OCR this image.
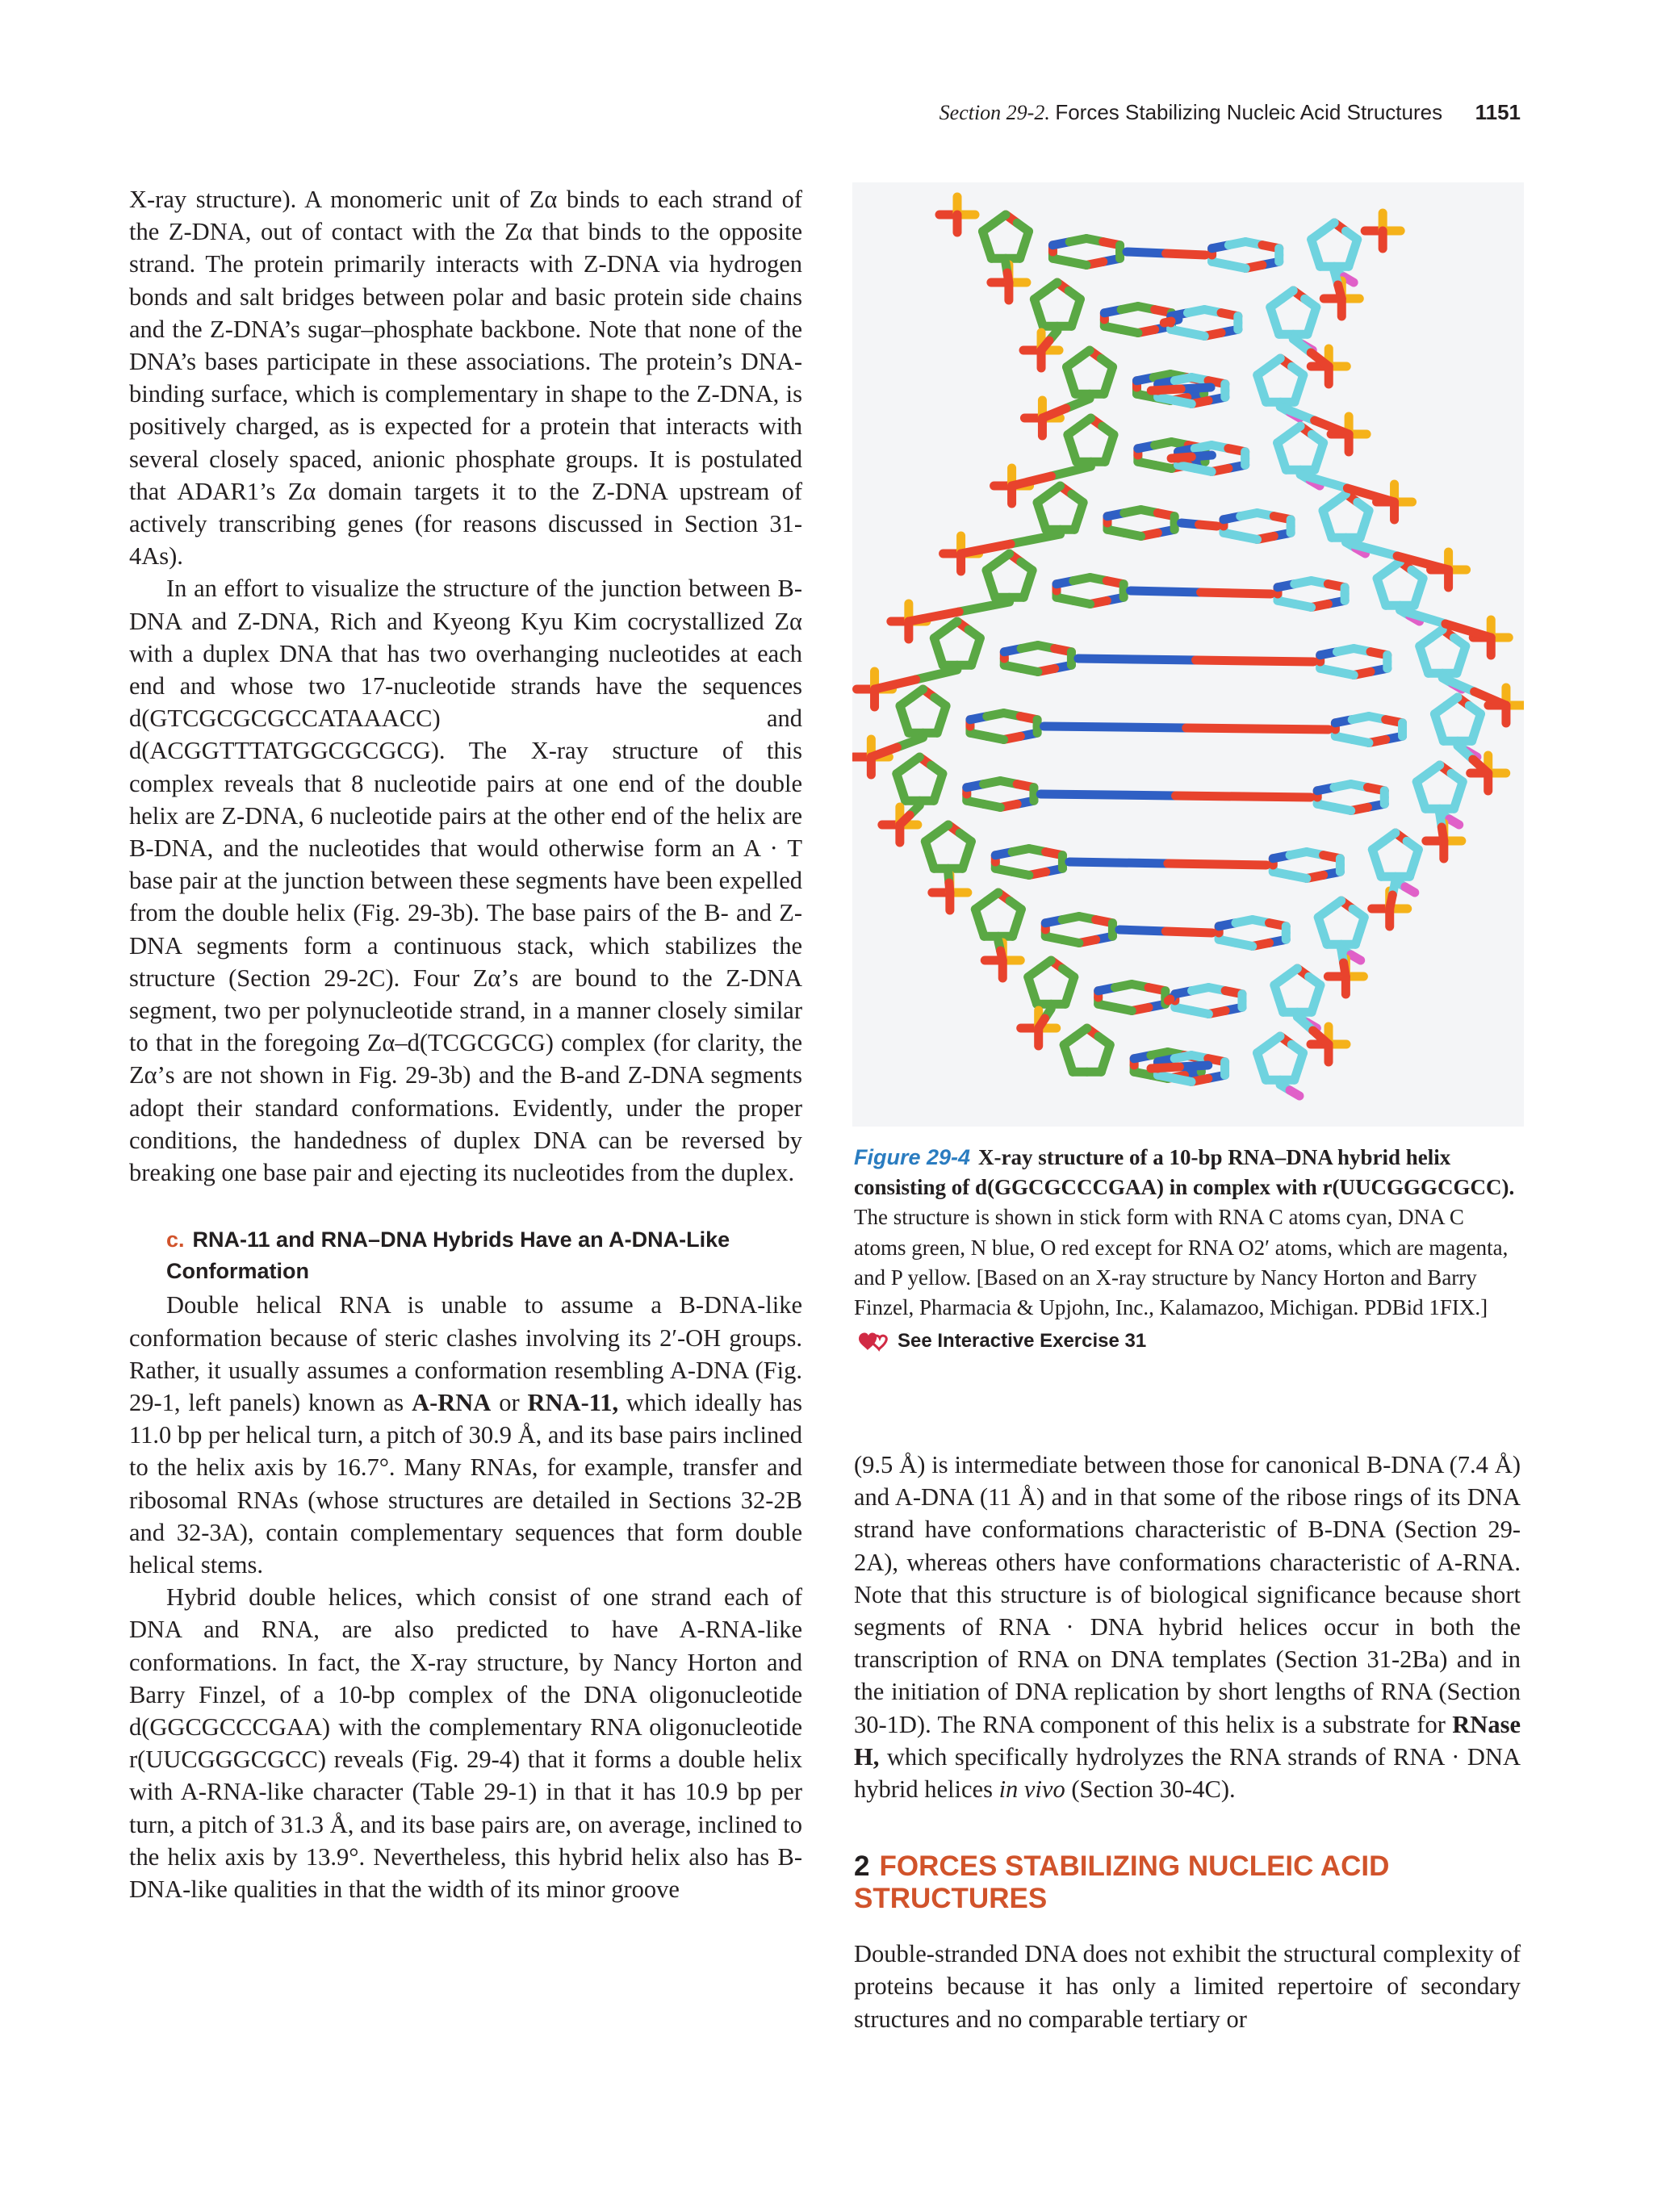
Section 29-2. Forces Stabilizing Nucleic Acid Structures 1151

X-ray structure). A monomeric unit of Zα binds to each strand of the Z-DNA, out of contact with the Zα that binds to the opposite strand. The protein primarily interacts with Z-DNA via hydrogen bonds and salt bridges between polar and basic protein side chains and the Z-DNA’s sugar–phosphate backbone. Note that none of the DNA’s bases participate in these associations. The protein’s DNA-binding surface, which is complementary in shape to the Z-DNA, is positively charged, as is expected for a protein that interacts with several closely spaced, anionic phosphate groups. It is postulated that ADAR1’s Zα domain targets it to the Z-DNA upstream of actively transcribing genes (for reasons discussed in Section 31-4As).

In an effort to visualize the structure of the junction between B-DNA and Z-DNA, Rich and Kyeong Kyu Kim cocrystallized Zα with a duplex DNA that has two overhanging nucleotides at each end and whose two 17-nucleotide strands have the sequences d(GTCGCGCGCCATAAACC) and d(ACGGTTTATGGCGCGCG). The X-ray structure of this complex reveals that 8 nucleotide pairs at one end of the double helix are Z-DNA, 6 nucleotide pairs at the other end of the helix are B-DNA, and the nucleotides that would otherwise form an A · T base pair at the junction between these segments have been expelled from the double helix (Fig. 29-3b). The base pairs of the B- and Z-DNA segments form a continuous stack, which stabilizes the structure (Section 29-2C). Four Zα’s are bound to the Z-DNA segment, two per polynucleotide strand, in a manner closely similar to that in the foregoing Zα–d(TCGCGCG) complex (for clarity, the Zα’s are not shown in Fig. 29-3b) and the B-and Z-DNA segments adopt their standard conformations. Evidently, under the proper conditions, the handedness of duplex DNA can be reversed by breaking one base pair and ejecting its nucleotides from the duplex.

c. RNA-11 and RNA–DNA Hybrids Have an A-DNA-Like Conformation

Double helical RNA is unable to assume a B-DNA-like conformation because of steric clashes involving its 2′-OH groups. Rather, it usually assumes a conformation resembling A-DNA (Fig. 29-1, left panels) known as A-RNA or RNA-11, which ideally has 11.0 bp per helical turn, a pitch of 30.9 Å, and its base pairs inclined to the helix axis by 16.7°. Many RNAs, for example, transfer and ribosomal RNAs (whose structures are detailed in Sections 32-2B and 32-3A), contain complementary sequences that form double helical stems.

Hybrid double helices, which consist of one strand each of DNA and RNA, are also predicted to have A-RNA-like conformations. In fact, the X-ray structure, by Nancy Horton and Barry Finzel, of a 10-bp complex of the DNA oligonucleotide d(GGCGCCCGAA) with the complementary RNA oligonucleotide r(UUCGGGCGCC) reveals (Fig. 29-4) that it forms a double helix with A-RNA-like character (Table 29-1) in that it has 10.9 bp per turn, a pitch of 31.3 Å, and its base pairs are, on average, inclined to the helix axis by 13.9°. Nevertheless, this hybrid helix also has B-DNA-like qualities in that the width of its minor groove

Figure 29-4 X-ray structure of a 10-bp RNA–DNA hybrid helix consisting of d(GGCGCCCGAA) in complex with r(UUCGGGCGCC). The structure is shown in stick form with RNA C atoms cyan, DNA C atoms green, N blue, O red except for RNA O2′ atoms, which are magenta, and P yellow. [Based on an X-ray structure by Nancy Horton and Barry Finzel, Pharmacia & Upjohn, Inc., Kalamazoo, Michigan. PDBid 1FIX.]
See Interactive Exercise 31

(9.5 Å) is intermediate between those for canonical B-DNA (7.4 Å) and A-DNA (11 Å) and in that some of the ribose rings of its DNA strand have conformations characteristic of B-DNA (Section 29-2A), whereas others have conformations characteristic of A-RNA. Note that this structure is of biological significance because short segments of RNA · DNA hybrid helices occur in both the transcription of RNA on DNA templates (Section 31-2Ba) and in the initiation of DNA replication by short lengths of RNA (Section 30-1D). The RNA component of this helix is a substrate for RNase H, which specifically hydrolyzes the RNA strands of RNA · DNA hybrid helices in vivo (Section 30-4C).

2 FORCES STABILIZING NUCLEIC ACID STRUCTURES

Double-stranded DNA does not exhibit the structural complexity of proteins because it has only a limited repertoire of secondary structures and no comparable tertiary or
